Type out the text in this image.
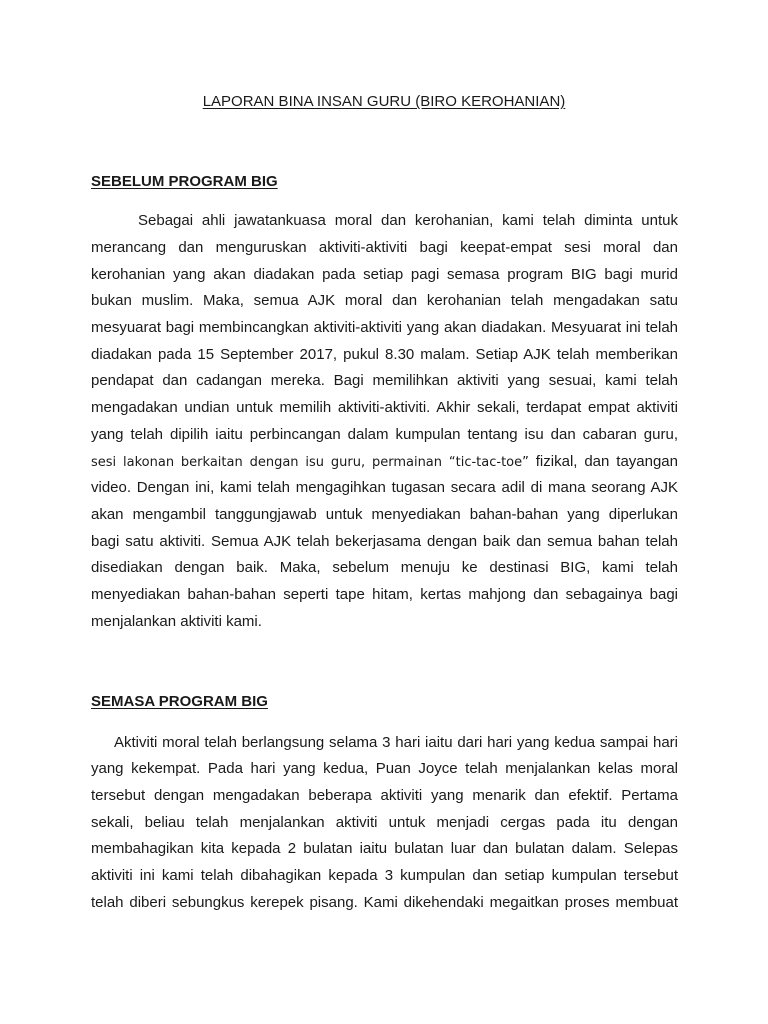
LAPORAN BINA INSAN GURU (BIRO KEROHANIAN)
SEBELUM PROGRAM BIG
Sebagai ahli jawatankuasa moral dan kerohanian, kami telah diminta untuk
merancang dan menguruskan aktiviti-aktiviti bagi keepat-empat sesi moral dan
kerohanian yang akan diadakan pada setiap pagi semasa program BIG bagi murid
bukan muslim. Maka, semua AJK moral dan kerohanian telah mengadakan satu
mesyuarat bagi membincangkan aktiviti-aktiviti yang akan diadakan. Mesyuarat ini telah
diadakan pada 15 September 2017, pukul 8.30 malam. Setiap AJK telah memberikan
pendapat dan cadangan mereka. Bagi memilihkan aktiviti yang sesuai, kami telah
mengadakan undian untuk memilih aktiviti-aktiviti. Akhir sekali, terdapat empat aktiviti
yang telah dipilih iaitu perbincangan dalam kumpulan tentang isu dan cabaran guru,
sesi lakonan berkaitan dengan isu guru, permainan “tic-tac-toe” fizikal, dan tayangan
video. Dengan ini, kami telah mengagihkan tugasan secara adil di mana seorang AJK
akan mengambil tanggungjawab untuk menyediakan bahan-bahan yang diperlukan
bagi satu aktiviti. Semua AJK telah bekerjasama dengan baik dan semua bahan telah
disediakan dengan baik. Maka, sebelum menuju ke destinasi BIG, kami telah
menyediakan bahan-bahan seperti tape hitam, kertas mahjong dan sebagainya bagi
menjalankan aktiviti kami.
SEMASA PROGRAM BIG
Aktiviti moral telah berlangsung selama 3 hari iaitu dari hari yang kedua sampai hari
yang kekempat. Pada hari yang kedua, Puan Joyce telah menjalankan kelas moral
tersebut dengan mengadakan beberapa aktiviti yang menarik dan efektif. Pertama
sekali, beliau telah menjalankan aktiviti untuk menjadi cergas pada itu dengan
membahagikan kita kepada 2 bulatan iaitu bulatan luar dan bulatan dalam. Selepas
aktiviti ini kami telah dibahagikan kepada 3 kumpulan dan setiap kumpulan tersebut
telah diberi sebungkus kerepek pisang. Kami dikehendaki megaitkan proses membuat
